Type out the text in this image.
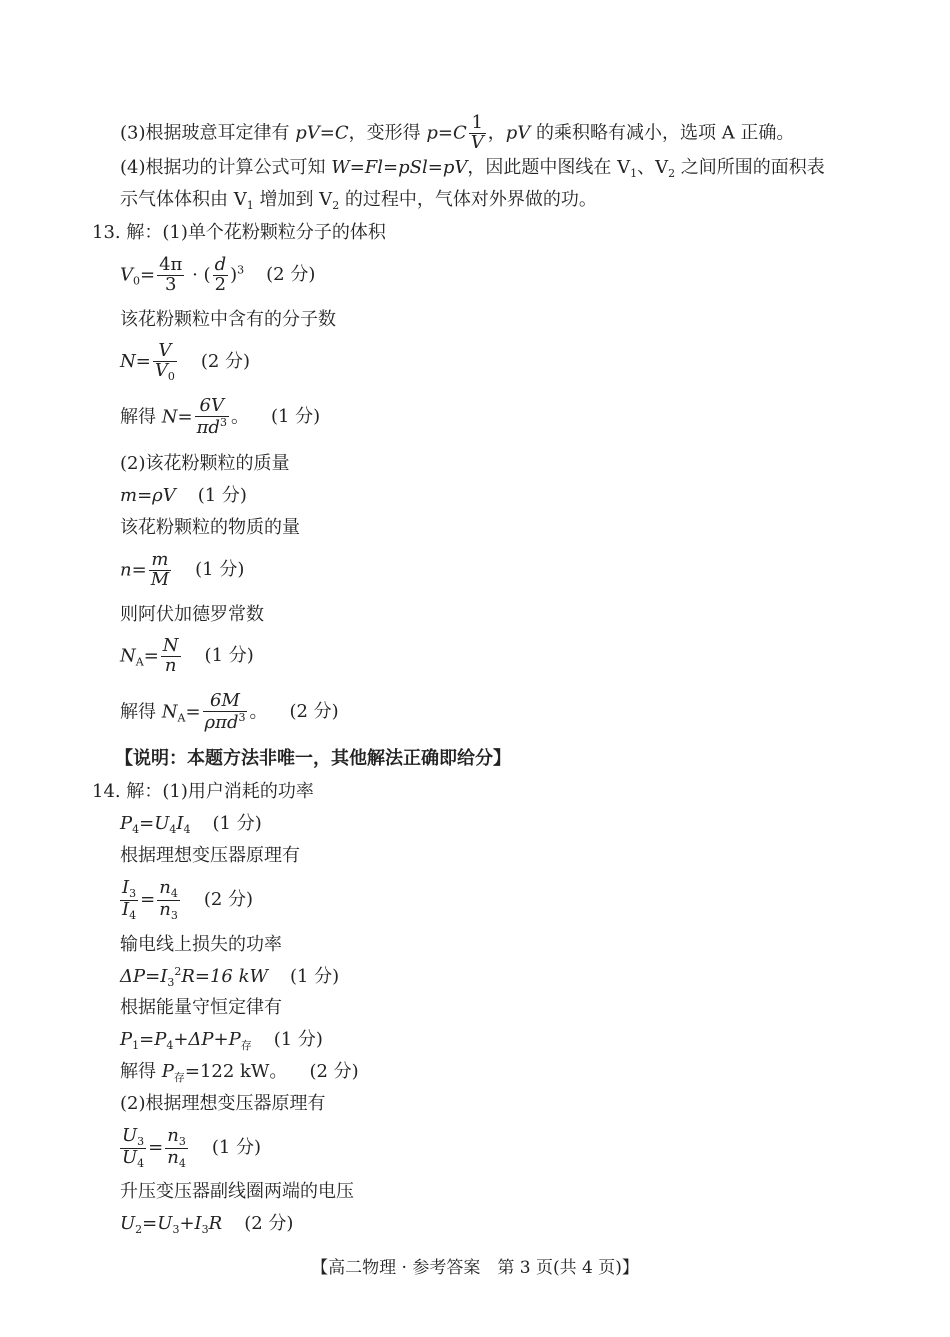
(3)根据玻意耳定律有 pV=C，变形得 $p=C \frac{1}{V}$ ，pV 的乘积略有减小，选项 A 正确。
(4)根据功的计算公式可知 W=Fl=pSl=pV，因此题中图线在 $V_1$、$V_2$ 之间所围的面积表
示气体体积由 $V_1$ 增加到 $V_2$ 的过程中，气体对外界做的功。
13. 解：(1)单个花粉颗粒分子的体积
$V_0= \frac{4\pi}{3}$ · ( $\frac{d}{2} )^3$ (2 分)
该花粉颗粒中含有的分子数
$N= \frac{V}{V_0} (2$ 分)
解得 $N= \frac{6V}{\pi d^3}$ 。 (1 分)
(2)该花粉颗粒的质量
m=ρV (1 分)
该花粉颗粒的物质的量
$n= \frac{m}{M} (1$ 分)
则阿伏加德罗常数
$N_A= \frac{N}{n} (1$ 分)
解得 $N_A= \frac{6M}{\rho\pi d^3}$ 。 (2 分)
【说明：本题方法非唯一，其他解法正确即给分】
14. 解：(1)用户消耗的功率
$P_4=U_4I_4$ (1 分)
根据理想变压器原理有
$\frac{I_3}{I_4} = \frac{n_4}{n_3} (2$ 分)
输电线上损失的功率
$\Delta P=I_3^2R=16$ kW (1 分)
根据能量守恒定律有
$P_1=P_4+\Delta P+P_存$ (1 分)
解得 $P_存=122$ kW。 (2 分)
(2)根据理想变压器原理有
$\frac{U_3}{U_4} = \frac{n_3}{n_4} (1$ 分)
升压变压器副线圈两端的电压
$U_2=U_3+I_3R$ (2 分)
【高二物理 · 参考答案　第 3 页(共 4 页)】
